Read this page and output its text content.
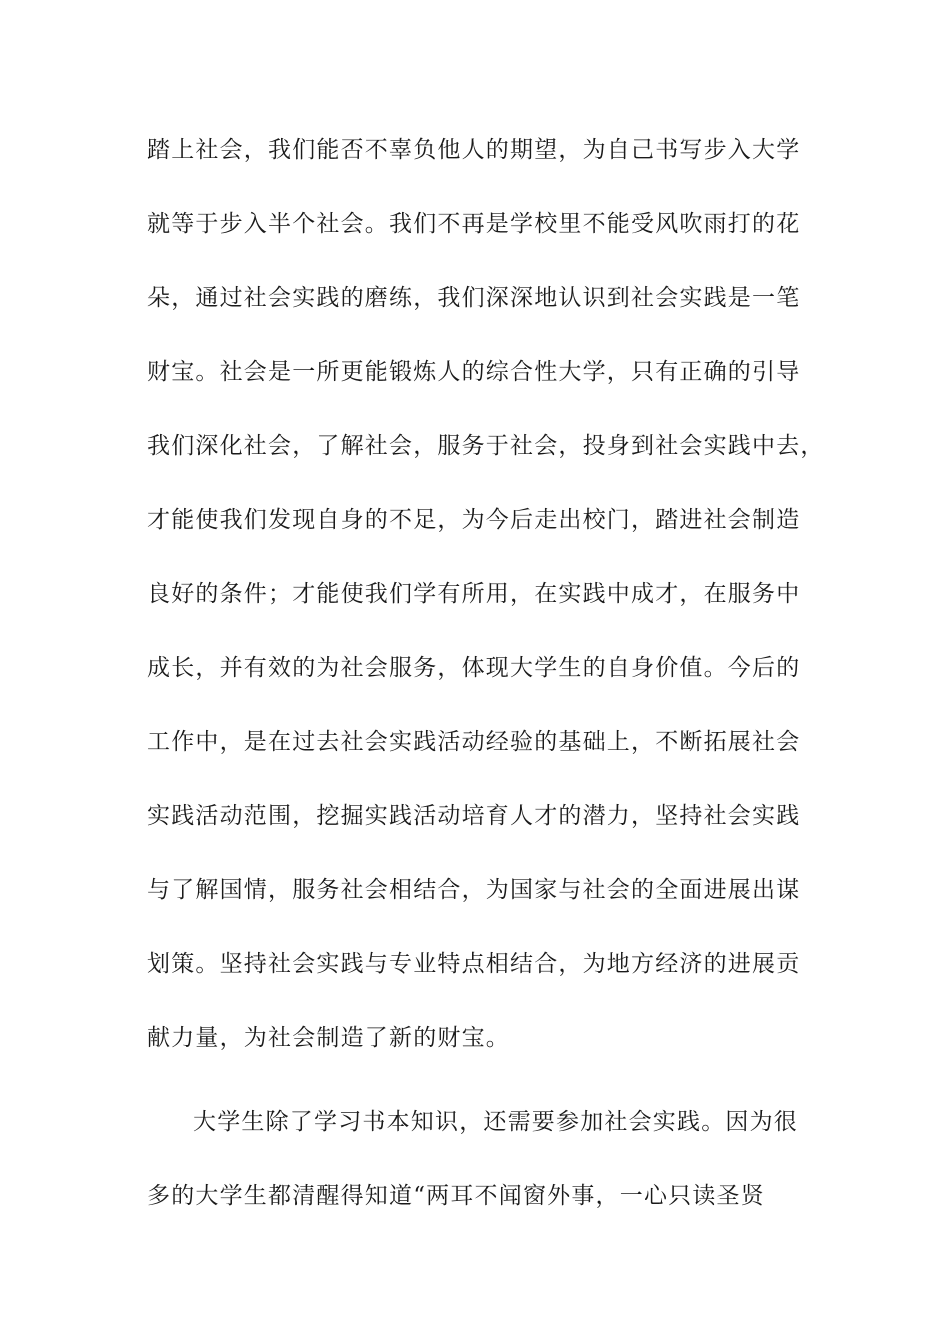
踏上社会，我们能否不辜负他人的期望，为自己书写步入大学
就等于步入半个社会。我们不再是学校里不能受风吹雨打的花
朵，通过社会实践的磨练，我们深深地认识到社会实践是一笔
财宝。社会是一所更能锻炼人的综合性大学，只有正确的引导
我们深化社会，了解社会，服务于社会，投身到社会实践中去，
才能使我们发现自身的不足，为今后走出校门，踏进社会制造
良好的条件；才能使我们学有所用，在实践中成才，在服务中
成长，并有效的为社会服务，体现大学生的自身价值。今后的
工作中，是在过去社会实践活动经验的基础上，不断拓展社会
实践活动范围，挖掘实践活动培育人才的潜力，坚持社会实践
与了解国情，服务社会相结合，为国家与社会的全面进展出谋
划策。坚持社会实践与专业特点相结合，为地方经济的进展贡
献力量，为社会制造了新的财宝。
大学生除了学习书本知识，还需要参加社会实践。因为很
多的大学生都清醒得知道“两耳不闻窗外事，一心只读圣贤
